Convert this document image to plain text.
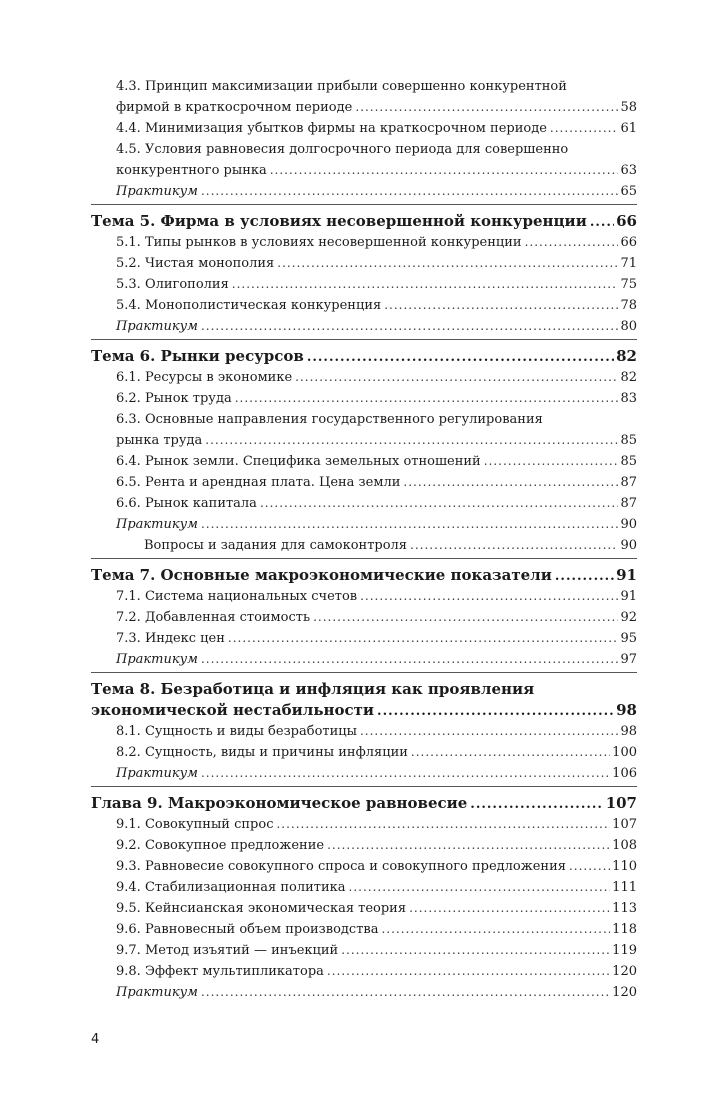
4.3. Принцип максимизации прибыли совершенно конкурентной
фирмой в краткосрочном периоде .....	58
4.4. Минимизация убытков фирмы на краткосрочном периоде .....	61
4.5. Условия равновесия долгосрочного периода для совершенно
конкурентного рынка .....	63
Практикум .....	65
Тема 5. Фирма в условиях несовершенной конкуренции ..... 66
5.1. Типы рынков в условиях несовершенной конкуренции .....	66
5.2. Чистая монополия .....	71
5.3. Олигополия .....	75
5.4. Монополистическая конкуренция .....	78
Практикум .....	80
Тема 6. Рынки ресурсов .....	82
6.1. Ресурсы в экономике .....	82
6.2. Рынок труда .....	83
6.3. Основные направления государственного регулирования
рынка труда .....	85
6.4. Рынок земли. Специфика земельных отношений .....	85
6.5. Рента и арендная плата. Цена земли .....	87
6.6. Рынок капитала .....	87
Практикум .....	90
Вопросы и задания для самоконтроля .....	90
Тема 7. Основные макроэкономические показатели .....	91
7.1. Система национальных счетов .....	91
7.2. Добавленная стоимость .....	92
7.3. Индекс цен .....	95
Практикум .....	97
Тема 8. Безработица и инфляция как проявления
экономической нестабильности .....	98
8.1. Сущность и виды безработицы .....	98
8.2. Сущность, виды и причины инфляции .....	100
Практикум .....	106
Глава 9. Макроэкономическое равновесие .....	107
9.1. Совокупный спрос .....	107
9.2. Совокупное предложение .....	108
9.3. Равновесие совокупного спроса и совокупного предложения .....	110
9.4. Стабилизационная политика .....	111
9.5. Кейнсианская экономическая теория .....	113
9.6. Равновесный объем производства .....	118
9.7. Метод изъятий — инъекций .....	119
9.8. Эффект мультипликатора .....	120
Практикум .....	120
4
